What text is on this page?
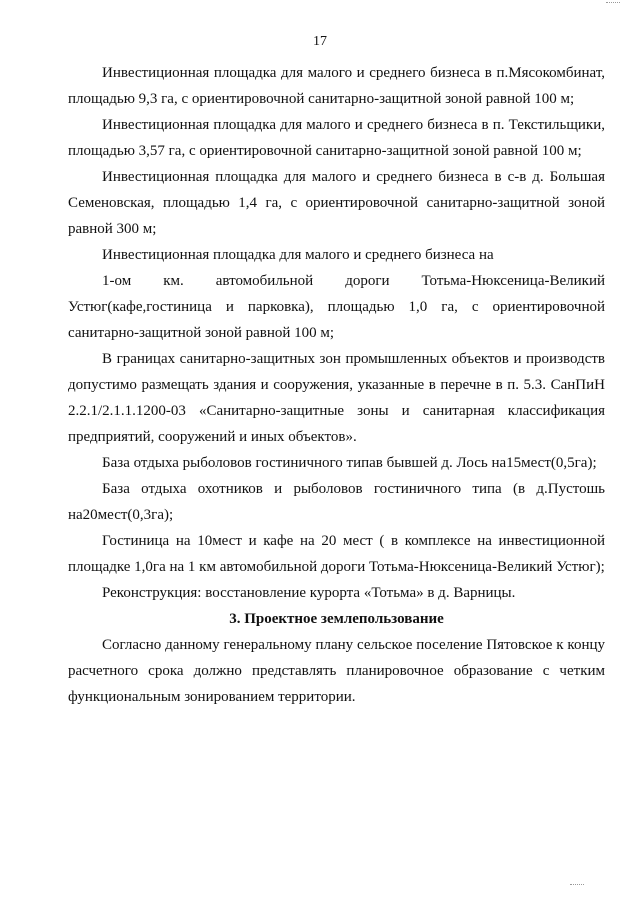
17

Инвестиционная площадка для малого и среднего бизнеса в п.Мясокомбинат, площадью 9,3 га, с ориентировочной санитарно-защитной зоной равной 100 м;

Инвестиционная площадка для малого и среднего бизнеса в п. Текстильщики, площадью 3,57 га, с ориентировочной санитарно-защитной зоной равной 100 м;

Инвестиционная площадка для малого и среднего бизнеса в с-в д. Большая Семеновская, площадью 1,4 га, с ориентировочной санитарно-защитной зоной равной 300 м;

Инвестиционная площадка для малого и среднего бизнеса на

1-ом км. автомобильной дороги Тотьма-Нюксеница-Великий Устюг(кафе,гостиница и парковка), площадью 1,0 га, с ориентировочной санитарно-защитной зоной равной 100 м;

В границах санитарно-защитных зон промышленных объектов и производств допустимо размещать здания и сооружения, указанные в перечне в п. 5.3. СанПиН 2.2.1/2.1.1.1200-03 «Санитарно-защитные зоны и санитарная классификация предприятий, сооружений и иных объектов».

База отдыха рыболовов гостиничного типав бывшей д. Лось на15мест(0,5га);

База отдыха охотников и рыболовов гостиничного типа (в д.Пустошь на20мест(0,3га);

Гостиница на 10мест и кафе на 20 мест ( в комплексе на инвестиционной площадке 1,0га на 1 км автомобильной дороги Тотьма-Нюксеница-Великий Устюг);

Реконструкция: восстановление курорта «Тотьма» в д. Варницы.

3. Проектное землепользование

Согласно данному генеральному плану сельское поселение Пятовское к концу расчетного срока должно представлять планировочное образование с четким функциональным зонированием территории.
